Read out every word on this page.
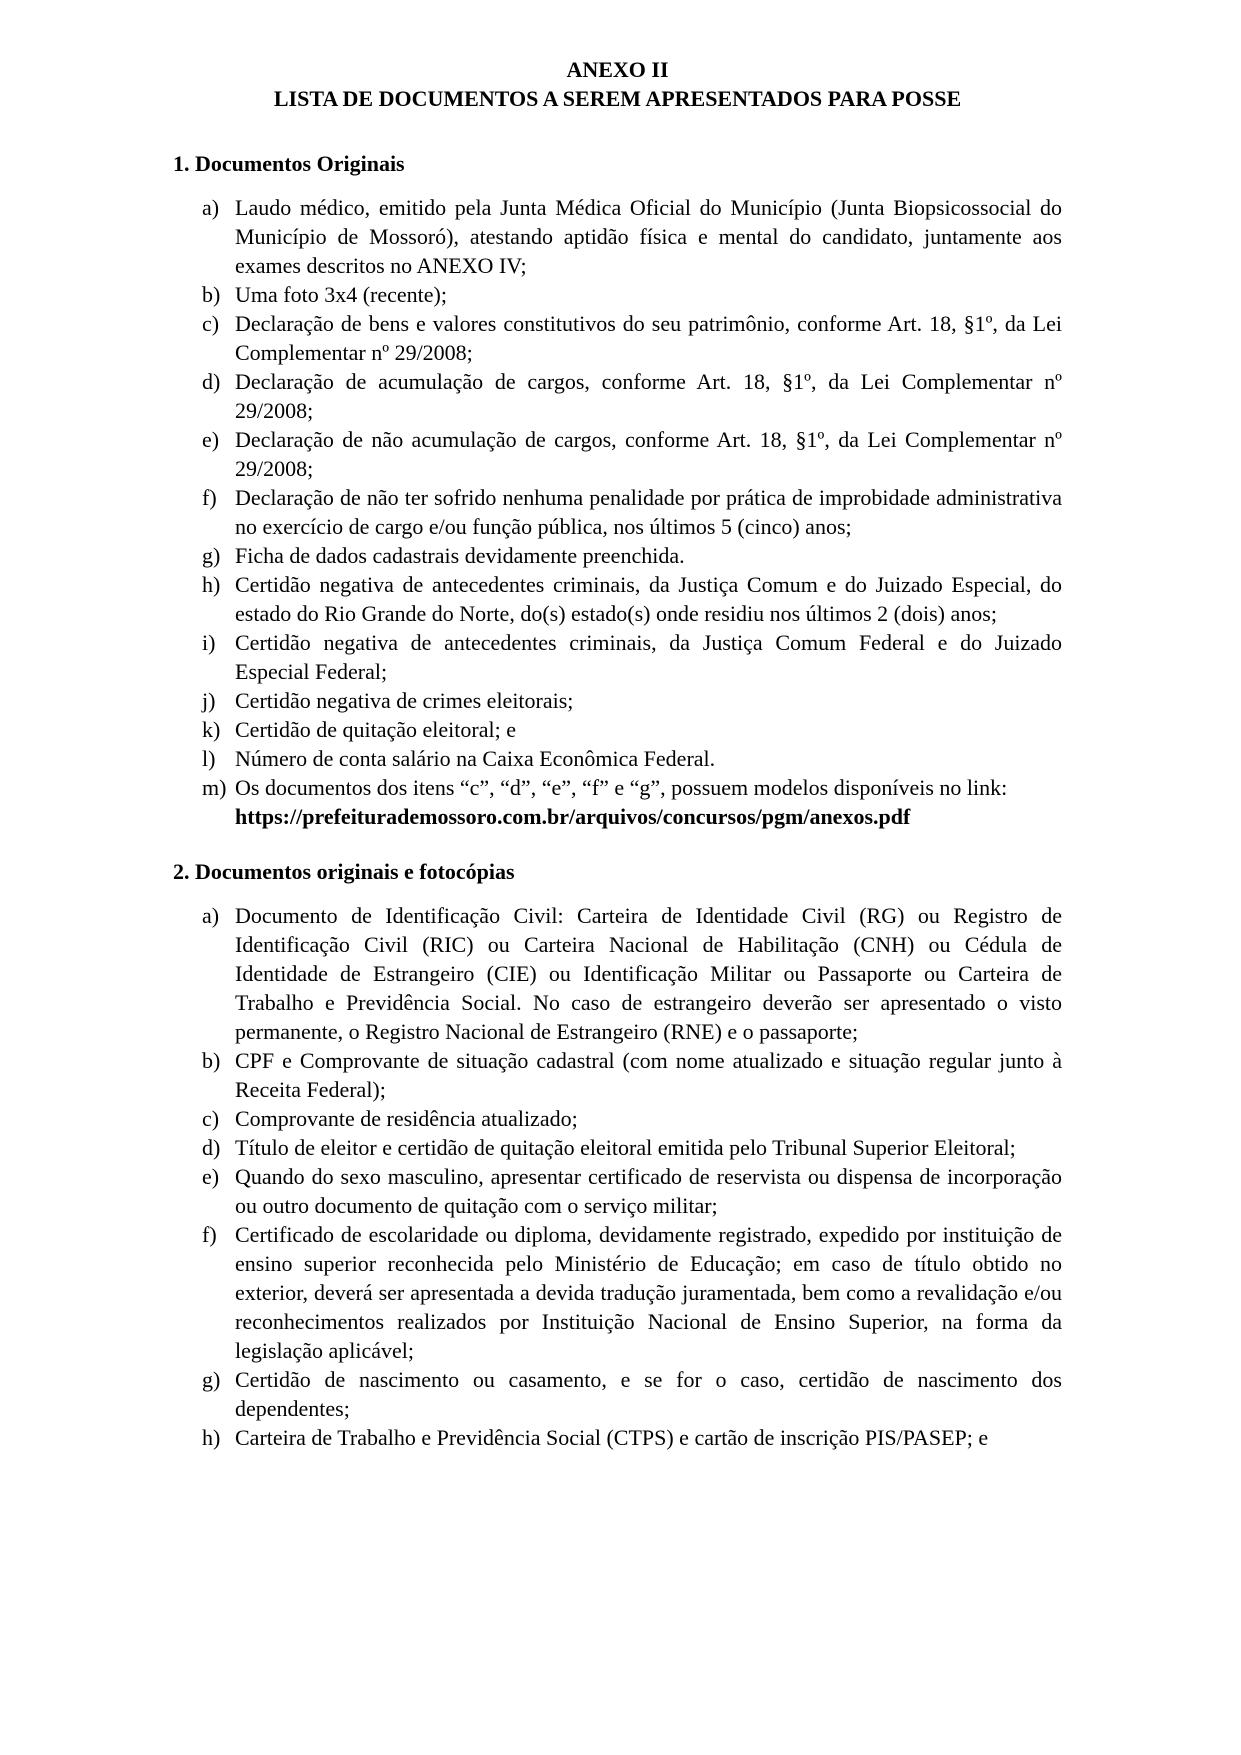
ANEXO II
LISTA DE DOCUMENTOS A SEREM APRESENTADOS PARA POSSE
1. Documentos Originais
a) Laudo médico, emitido pela Junta Médica Oficial do Município (Junta Biopsicossocial do Município de Mossoró), atestando aptidão física e mental do candidato, juntamente aos exames descritos no ANEXO IV;
b) Uma foto 3x4 (recente);
c) Declaração de bens e valores constitutivos do seu patrimônio, conforme Art. 18, §1º, da Lei Complementar nº 29/2008;
d) Declaração de acumulação de cargos, conforme Art. 18, §1º, da Lei Complementar nº 29/2008;
e) Declaração de não acumulação de cargos, conforme Art. 18, §1º, da Lei Complementar nº 29/2008;
f) Declaração de não ter sofrido nenhuma penalidade por prática de improbidade administrativa no exercício de cargo e/ou função pública, nos últimos 5 (cinco) anos;
g) Ficha de dados cadastrais devidamente preenchida.
h) Certidão negativa de antecedentes criminais, da Justiça Comum e do Juizado Especial, do estado do Rio Grande do Norte, do(s) estado(s) onde residiu nos últimos 2 (dois) anos;
i) Certidão negativa de antecedentes criminais, da Justiça Comum Federal e do Juizado Especial Federal;
j) Certidão negativa de crimes eleitorais;
k) Certidão de quitação eleitoral; e
l) Número de conta salário na Caixa Econômica Federal.
m) Os documentos dos itens “c”, “d”, “e”, “f” e “g”, possuem modelos disponíveis no link:
https://prefeiturademossoro.com.br/arquivos/concursos/pgm/anexos.pdf
2. Documentos originais e fotocópias
a) Documento de Identificação Civil: Carteira de Identidade Civil (RG) ou Registro de Identificação Civil (RIC) ou Carteira Nacional de Habilitação (CNH) ou Cédula de Identidade de Estrangeiro (CIE) ou Identificação Militar ou Passaporte ou Carteira de Trabalho e Previdência Social. No caso de estrangeiro deverão ser apresentado o visto permanente, o Registro Nacional de Estrangeiro (RNE) e o passaporte;
b) CPF e Comprovante de situação cadastral (com nome atualizado e situação regular junto à Receita Federal);
c) Comprovante de residência atualizado;
d) Título de eleitor e certidão de quitação eleitoral emitida pelo Tribunal Superior Eleitoral;
e) Quando do sexo masculino, apresentar certificado de reservista ou dispensa de incorporação ou outro documento de quitação com o serviço militar;
f) Certificado de escolaridade ou diploma, devidamente registrado, expedido por instituição de ensino superior reconhecida pelo Ministério de Educação; em caso de título obtido no exterior, deverá ser apresentada a devida tradução juramentada, bem como a revalidação e/ou reconhecimentos realizados por Instituição Nacional de Ensino Superior, na forma da legislação aplicável;
g) Certidão de nascimento ou casamento, e se for o caso, certidão de nascimento dos dependentes;
h) Carteira de Trabalho e Previdência Social (CTPS) e cartão de inscrição PIS/PASEP; e
